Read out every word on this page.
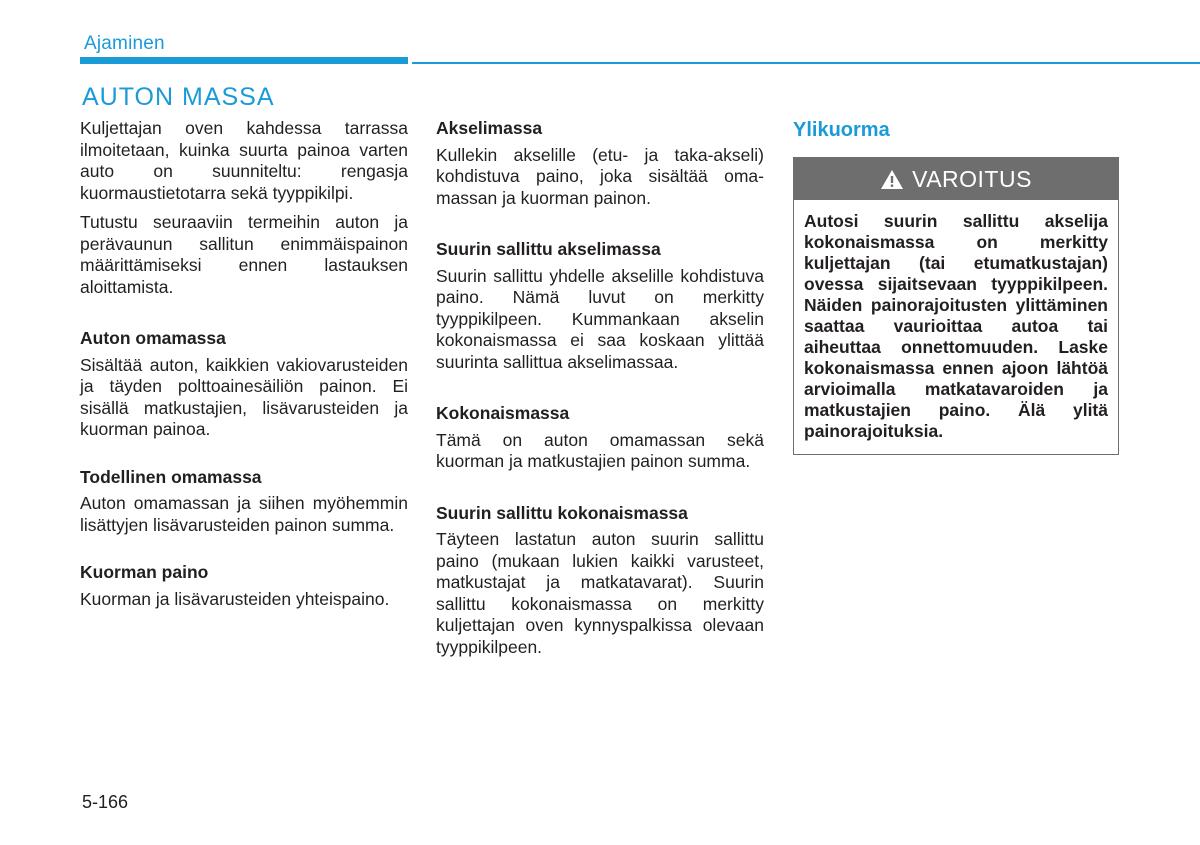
Ajaminen
AUTON MASSA

Kuljettajan oven kahdessa tarrassa ilmoitetaan, kuinka suurta painoa varten auto on suunniteltu: rengasja kuormaustietotarra sekä tyyppikilpi.

Tutustu seuraaviin termeihin auton ja perävaunun sallitun enimmäispainon määrittämiseksi ennen lastauksen aloittamista.

Auton omamassa

Sisältää auton, kaikkien vakiovarusteiden ja täyden polttoainesäiliön painon. Ei sisällä matkustajien, lisävarusteiden ja kuorman painoa.

Todellinen omamassa

Auton omamassan ja siihen myöhemmin lisättyjen lisävarusteiden painon summa.

Kuorman paino

Kuorman ja lisävarusteiden yhteispaino.

Akselimassa

Kullekin akselille (etu- ja taka-akseli) kohdistuva paino, joka sisältää omamassan ja kuorman painon.

Suurin sallittu akselimassa

Suurin sallittu yhdelle akselille kohdistuva paino. Nämä luvut on merkitty tyyppikilpeen. Kummankaan akselin kokonaismassa ei saa koskaan ylittää suurinta sallittua akselimassaa.

Kokonaismassa

Tämä on auton omamassan sekä kuorman ja matkustajien painon summa.

Suurin sallittu kokonaismassa

Täyteen lastatun auton suurin sallittu paino (mukaan lukien kaikki varusteet, matkustajat ja matkatavarat). Suurin sallittu kokonaismassa on merkitty kuljettajan oven kynnyspalkissa olevaan tyyppikilpeen.

Ylikuorma
VAROITUS

Autosi suurin sallittu akselija kokonaismassa on merkitty kuljettajan (tai etumatkustajan) ovessa sijaitsevaan tyyppikilpeen. Näiden painorajoitusten ylittäminen saattaa vaurioittaa autoa tai aiheuttaa onnettomuuden. Laske kokonaismassa ennen ajoon lähtöä arvioimalla matkatavaroiden ja matkustajien paino. Älä ylitä painorajoituksia.

5-166
